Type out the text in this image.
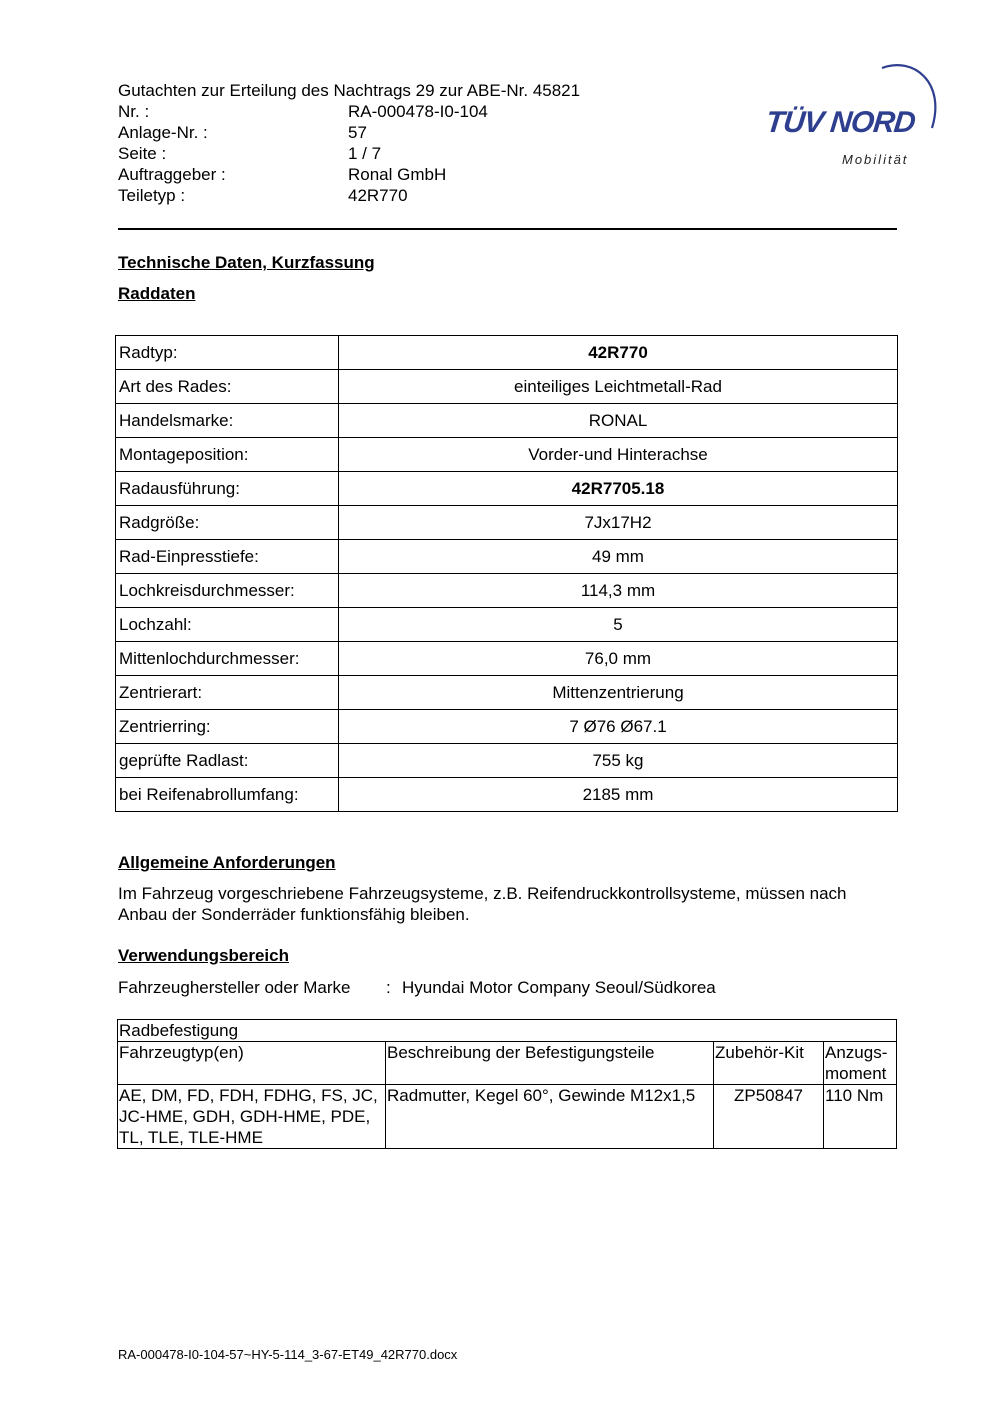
Gutachten zur Erteilung des Nachtrags 29 zur ABE-Nr. 45821
Nr. :	RA-000478-I0-104
Anlage-Nr. :	57
Seite :	1 / 7
Auftraggeber :	Ronal GmbH
Teiletyp :	42R770
TÜV NORD
Mobilität
Technische Daten, Kurzfassung
Raddaten
Radtyp:	42R770
Art des Rades:	einteiliges Leichtmetall-Rad
Handelsmarke:	RONAL
Montageposition:	Vorder-und Hinterachse
Radausführung:	42R7705.18
Radgröße:	7Jx17H2
Rad-Einpresstiefe:	49 mm
Lochkreisdurchmesser:	114,3 mm
Lochzahl:	5
Mittenlochdurchmesser:	76,0 mm
Zentrierart:	Mittenzentrierung
Zentrierring:	7 Ø76 Ø67.1
geprüfte Radlast:	755 kg
bei Reifenabrollumfang:	2185 mm
Allgemeine Anforderungen
Im Fahrzeug vorgeschriebene Fahrzeugsysteme, z.B. Reifendruckkontrollsysteme, müssen nach Anbau der Sonderräder funktionsfähig bleiben.
Verwendungsbereich
Fahrzeughersteller oder Marke	: Hyundai Motor Company Seoul/Südkorea
Radbefestigung			
Fahrzeugtyp(en)	Beschreibung der Befestigungsteile	Zubehör-Kit	Anzugs-moment
AE, DM, FD, FDH, FDHG, FS, JC, JC-HME, GDH, GDH-HME, PDE, TL, TLE, TLE-HME	Radmutter, Kegel 60°, Gewinde M12x1,5	ZP50847	110 Nm
RA-000478-I0-104-57~HY-5-114_3-67-ET49_42R770.docx
